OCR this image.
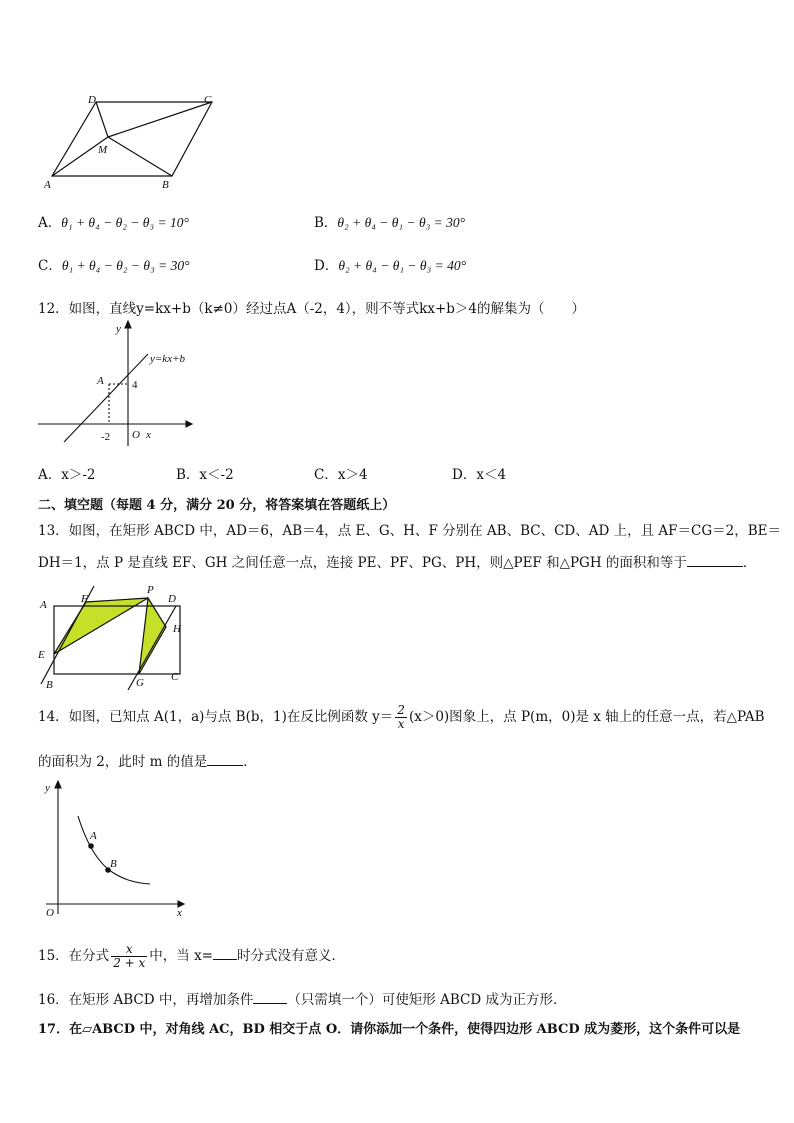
D	C
M
A	B
A．θ₁ + θ₄ − θ₂ − θ₃ = 10°	B．θ₂ + θ₄ − θ₁ − θ₃ = 30°
C．θ₁ + θ₄ − θ₂ − θ₃ = 30°	D．θ₂ + θ₄ − θ₁ − θ₃ = 40°
12．如图，直线y=kx+b（k≠0）经过点A（-2，4），则不等式kx+b＞4的解集为（　　）
y
y=kx+b
A	4
-2 O x
A．x＞-2	B．x＜-2	C．x＞4	D．x＜4
二、填空题（每题 4 分，满分 20 分，将答案填在答题纸上）
13．如图，在矩形 ABCD 中，AD＝6，AB＝4，点 E、G、H、F 分别在 AB、BC、CD、AD 上，且 AF＝CG＝2，BE＝
DH＝1，点 P 是直线 EF、GH 之间任意一点，连接 PE、PF、PG、PH，则△PEF 和△PGH 的面积和等于	．
P
A	F	D
H
E
B	G C
14．如图，已知点 A(1，a)与点 B(b，1)在反比例函数 $y= \frac{2}{x} (x>0)$图象上，点 P(m，0)是 x 轴上的任意一点，若△PAB
的面积为 2，此时 m 的值是	．
y
A
B
O	x
15．在分式 $\frac{x}{2 + x}$ 中，当 x= 时分式没有意义．
16．在矩形 ABCD 中，再增加条件	（只需填一个）可使矩形 ABCD 成为正方形．
17．在▱ABCD 中，对角线 AC，BD 相交于点 O．请你添加一个条件，使得四边形 ABCD 成为菱形，这个条件可以是
